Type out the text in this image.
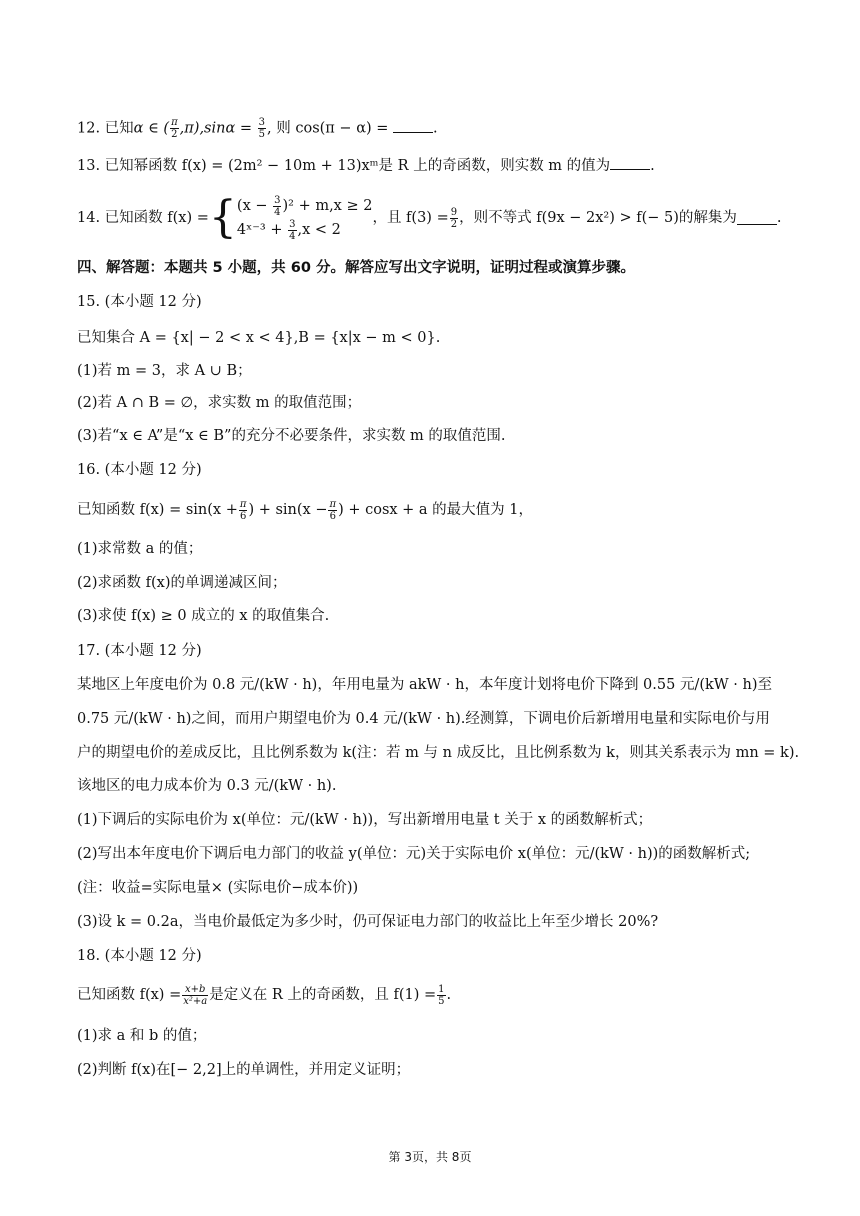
12. 已知α ∈ ( $\frac{\pi}{2} ,\pi),\sin\alpha = \frac{3}{5}$ , 则 cos(π − α) =	.
13. 已知幂函数 f(x) = (2m² − 10m + 13)xᵐ是 R 上的奇函数，则实数 m 的值为	.
14. 已知函数 f(x) = { $(x - \frac{3}{4} )^2 + m,x \ge 2$
4ˣ⁻³ + $\frac{3}{4} ,x < 2$
，且 $f(3) = \frac{9}{2}$ ，则不等式 f(9x − 2x²) > f(− 5)的解集为	.
四、解答题：本题共 5 小题，共 60 分。解答应写出文字说明，证明过程或演算步骤。
15. (本小题 12 分)
已知集合 A = {x| − 2 < x < 4},B = {x|x − m < 0}.
(1)若 m = 3，求 A ∪ B；
(2)若 A ∩ B = ∅，求实数 m 的取值范围；
(3)若“x ∈ A”是“x ∈ B”的充分不必要条件，求实数 m 的取值范围.
16. (本小题 12 分)
已知函数 $f(x) = \sin(x + \frac{\pi}{6}$ ) + $\sin(x - \frac{\pi}{6}$ ) + cosx + a 的最大值为 1，
(1)求常数 a 的值；
(2)求函数 f(x)的单调递减区间；
(3)求使 f(x) ≥ 0 成立的 x 的取值集合.
17. (本小题 12 分)
某地区上年度电价为 0.8 元/(kW · h)，年用电量为 akW · h，本年度计划将电价下降到 0.55 元/(kW · h)至
0.75 元/(kW · h)之间，而用户期望电价为 0.4 元/(kW · h).经测算，下调电价后新增用电量和实际电价与用
户的期望电价的差成反比，且比例系数为 k(注：若 m 与 n 成反比，且比例系数为 k，则其关系表示为 mn = k).
该地区的电力成本价为 0.3 元/(kW · h).
(1)下调后的实际电价为 x(单位：元/(kW · h))，写出新增用电量 t 关于 x 的函数解析式；
(2)写出本年度电价下调后电力部门的收益 y(单位：元)关于实际电价 x(单位：元/(kW · h))的函数解析式;
(注：收益=实际电量× (实际电价−成本价))
(3)设 k = 0.2a，当电价最低定为多少时，仍可保证电力部门的收益比上年至少增长 20%?
18. (本小题 12 分)
已知函数 $f(x) = \frac{x+b}{\text{x²+a}}$ 是定义在 R 上的奇函数，且 $f(1) = \frac{1}{5}$ .
(1)求 a 和 b 的值；
(2)判断 f(x)在[− 2,2]上的单调性，并用定义证明；
第 3页，共 8页
